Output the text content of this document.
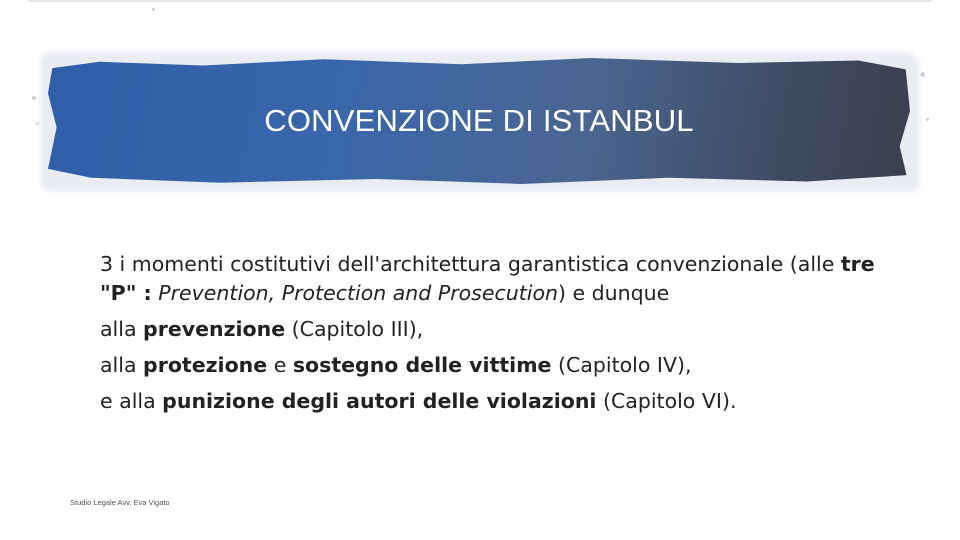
CONVENZIONE DI ISTANBUL

3 i momenti costitutivi dell'architettura garantistica convenzionale (alle tre "P" : Prevention, Protection and Prosecution) e dunque

alla prevenzione (Capitolo III),

alla protezione e sostegno delle vittime (Capitolo IV),

e alla punizione degli autori delle violazioni (Capitolo VI).

Studio Legale Avv. Eva Vigato
